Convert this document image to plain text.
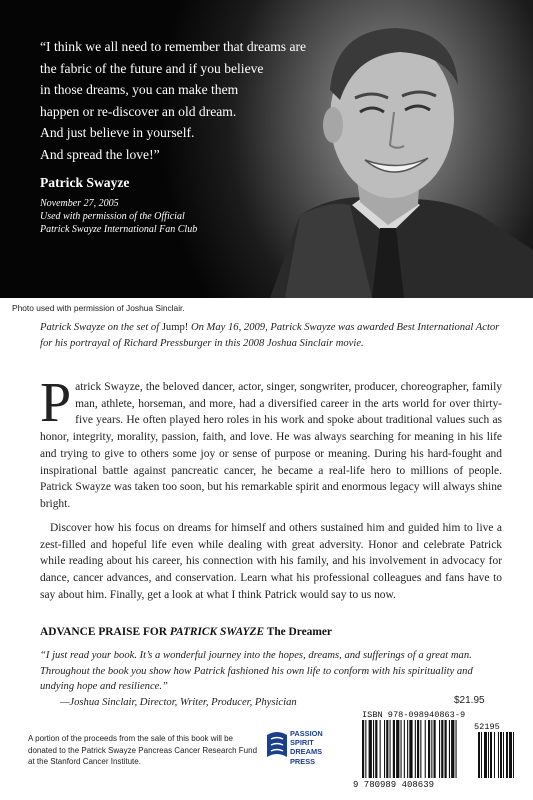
“I think we all need to remember that dreams are
the fabric of the future and if you believe
in those dreams, you can make them
happen or re-discover an old dream.
And just believe in yourself.
And spread the love!”
Patrick Swayze
November 27, 2005
Used with permission of the Official
Patrick Swayze International Fan Club
Photo used with permission of Joshua Sinclair.
Patrick Swayze on the set of Jump! On May 16, 2009, Patrick Swayze was awarded Best International Actor for his portrayal of Richard Pressburger in this 2008 Joshua Sinclair movie.
Patrick Swayze, the beloved dancer, actor, singer, songwriter, producer, choreographer, family man, athlete, horseman, and more, had a diversified career in the arts world for over thirty-five years. He often played hero roles in his work and spoke about traditional values such as honor, integrity, morality, passion, faith, and love. He was always searching for meaning in his life and trying to give to others some joy or sense of purpose or meaning. During his hard-fought and inspirational battle against pancreatic cancer, he became a real-life hero to millions of people. Patrick Swayze was taken too soon, but his remarkable spirit and enormous legacy will always shine bright.
Discover how his focus on dreams for himself and others sustained him and guided him to live a zest-filled and hopeful life even while dealing with great adversity. Honor and celebrate Patrick while reading about his career, his connection with his family, and his involvement in advocacy for dance, cancer advances, and conservation. Learn what his professional colleagues and fans have to say about him. Finally, get a look at what I think Patrick would say to us now.
ADVANCE PRAISE FOR PATRICK SWAYZE The Dreamer
“I just read your book. It’s a wonderful journey into the hopes, dreams, and sufferings of a great man. Throughout the book you show how Patrick fashioned his own life to conform with his spirituality and undying hope and resilience.”
—Joshua Sinclair, Director, Writer, Producer, Physician
A portion of the proceeds from the sale of this book will be donated to the Patrick Swayze Pancreas Cancer Research Fund at the Stanford Cancer Institute.
PASSION
SPIRIT
DREAMS
PRESS
$21.95
ISBN 978-098940863-9
52195
9 780989 408639
